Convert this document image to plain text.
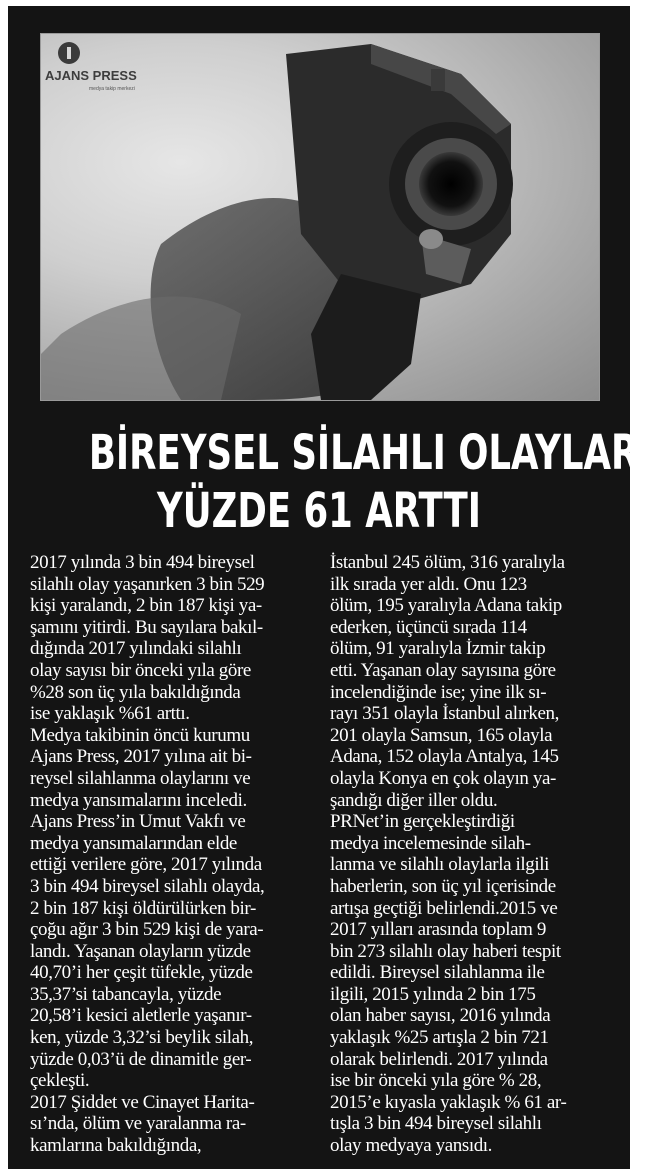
AJANS PRESS
medya takip merkezi
BİREYSEL SİLAHLI OLAYLAR
YÜZDE 61 ARTTI

2017 yılında 3 bin 494 bireysel

silahlı olay yaşanırken 3 bin 529

kişi yaralandı, 2 bin 187 kişi ya-

şamını yitirdi. Bu sayılara bakıl-

dığında 2017 yılındaki silahlı

olay sayısı bir önceki yıla göre

%28 son üç yıla bakıldığında

ise yaklaşık %61 arttı.

Medya takibinin öncü kurumu

Ajans Press, 2017 yılına ait bi-

reysel silahlanma olaylarını ve

medya yansımalarını inceledi.

Ajans Press’in Umut Vakfı ve

medya yansımalarından elde

ettiği verilere göre, 2017 yılında

3 bin 494 bireysel silahlı olayda,

2 bin 187 kişi öldürülürken bir-

çoğu ağır 3 bin 529 kişi de yara-

landı. Yaşanan olayların yüzde

40,70’i her çeşit tüfekle, yüzde

35,37’si tabancayla, yüzde

20,58’i kesici aletlerle yaşanır-

ken, yüzde 3,32’si beylik silah,

yüzde 0,03’ü de dinamitle ger-

çekleşti.

2017 Şiddet ve Cinayet Harita-

sı’nda, ölüm ve yaralanma ra-

kamlarına bakıldığında,

İstanbul 245 ölüm, 316 yaralıyla

ilk sırada yer aldı. Onu 123

ölüm, 195 yaralıyla Adana takip

ederken, üçüncü sırada 114

ölüm, 91 yaralıyla İzmir takip

etti. Yaşanan olay sayısına göre

incelendiğinde ise; yine ilk sı-

rayı 351 olayla İstanbul alırken,

201 olayla Samsun, 165 olayla

Adana, 152 olayla Antalya, 145

olayla Konya en çok olayın ya-

şandığı diğer iller oldu.

PRNet’in gerçekleştirdiği

medya incelemesinde silah-

lanma ve silahlı olaylarla ilgili

haberlerin, son üç yıl içerisinde

artışa geçtiği belirlendi.2015 ve

2017 yılları arasında toplam 9

bin 273 silahlı olay haberi tespit

edildi. Bireysel silahlanma ile

ilgili, 2015 yılında 2 bin 175

olan haber sayısı, 2016 yılında

yaklaşık %25 artışla 2 bin 721

olarak belirlendi. 2017 yılında

ise bir önceki yıla göre % 28,

2015’e kıyasla yaklaşık % 61 ar-

tışla 3 bin 494 bireysel silahlı

olay medyaya yansıdı.
